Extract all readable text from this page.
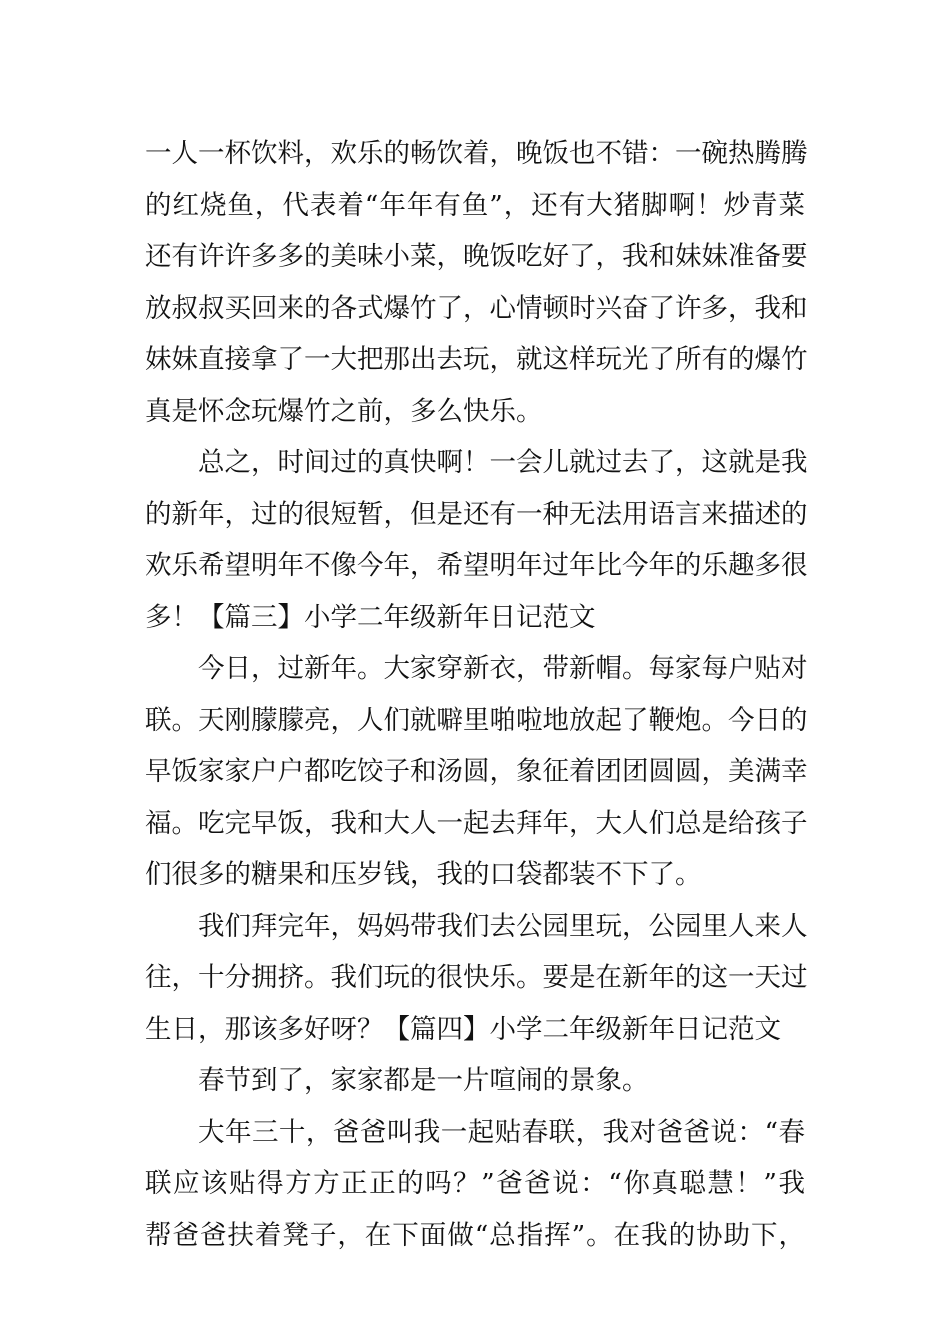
一人一杯饮料，欢乐的畅饮着，晚饭也不错：一碗热腾腾
的红烧鱼，代表着“年年有鱼”，还有大猪脚啊！炒青菜
还有许许多多的美味小菜，晚饭吃好了，我和妹妹准备要
放叔叔买回来的各式爆竹了，心情顿时兴奋了许多，我和
妹妹直接拿了一大把那出去玩，就这样玩光了所有的爆竹
真是怀念玩爆竹之前，多么快乐。
总之，时间过的真快啊！一会儿就过去了，这就是我
的新年，过的很短暂，但是还有一种无法用语言来描述的
欢乐希望明年不像今年，希望明年过年比今年的乐趣多很
多！【篇三】小学二年级新年日记范文
今日，过新年。大家穿新衣，带新帽。每家每户贴对
联。天刚朦朦亮，人们就噼里啪啦地放起了鞭炮。今日的
早饭家家户户都吃饺子和汤圆，象征着团团圆圆，美满幸
福。吃完早饭，我和大人一起去拜年，大人们总是给孩子
们很多的糖果和压岁钱，我的口袋都装不下了。
我们拜完年，妈妈带我们去公园里玩，公园里人来人
往，十分拥挤。我们玩的很快乐。要是在新年的这一天过
生日，那该多好呀？【篇四】小学二年级新年日记范文
春节到了，家家都是一片喧闹的景象。
大年三十，爸爸叫我一起贴春联，我对爸爸说：“春
联应该贴得方方正正的吗？”爸爸说：“你真聪慧！”我
帮爸爸扶着凳子，在下面做“总指挥”。在我的协助下，
